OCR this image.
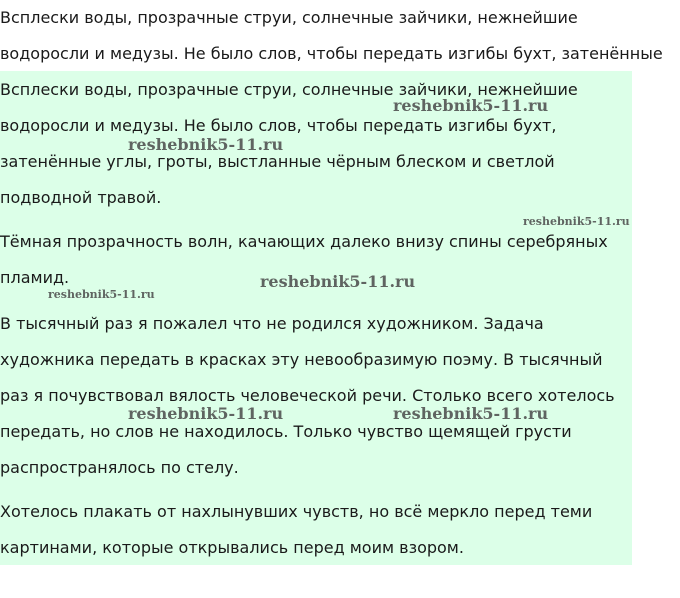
Всплески воды, прозрачные струи, солнечные зайчики, нежнейшие

водоросли и медузы. Не было слов, чтобы передать изгибы бухт, затенённые

Всплески воды, прозрачные струи, солнечные зайчики, нежнейшие
водоросли и медузы. Не было слов, чтобы передать изгибы бухт,
затенённые углы, гроты, выстланные чёрным блеском и светлой
подводной травой.
Тёмная прозрачность волн, качающих далеко внизу спины серебряных
пламид.
В тысячный раз я пожалел что не родился художником. Задача
художника передать в красках эту невообразимую поэму. В тысячный
раз я почувствовал вялость человеческой речи. Столько всего хотелось
передать, но слов не находилось. Только чувство щемящей грусти
распространялось по стелу.
Хотелось плакать от нахлынувших чувств, но всё меркло перед теми
картинами, которые открывались перед моим взором.
reshebnik5-11.ru
reshebnik5-11.ru
reshebnik5-11.ru
reshebnik5-11.ru
reshebnik5-11.ru
reshebnik5-11.ru	reshebnik5-11.ru
